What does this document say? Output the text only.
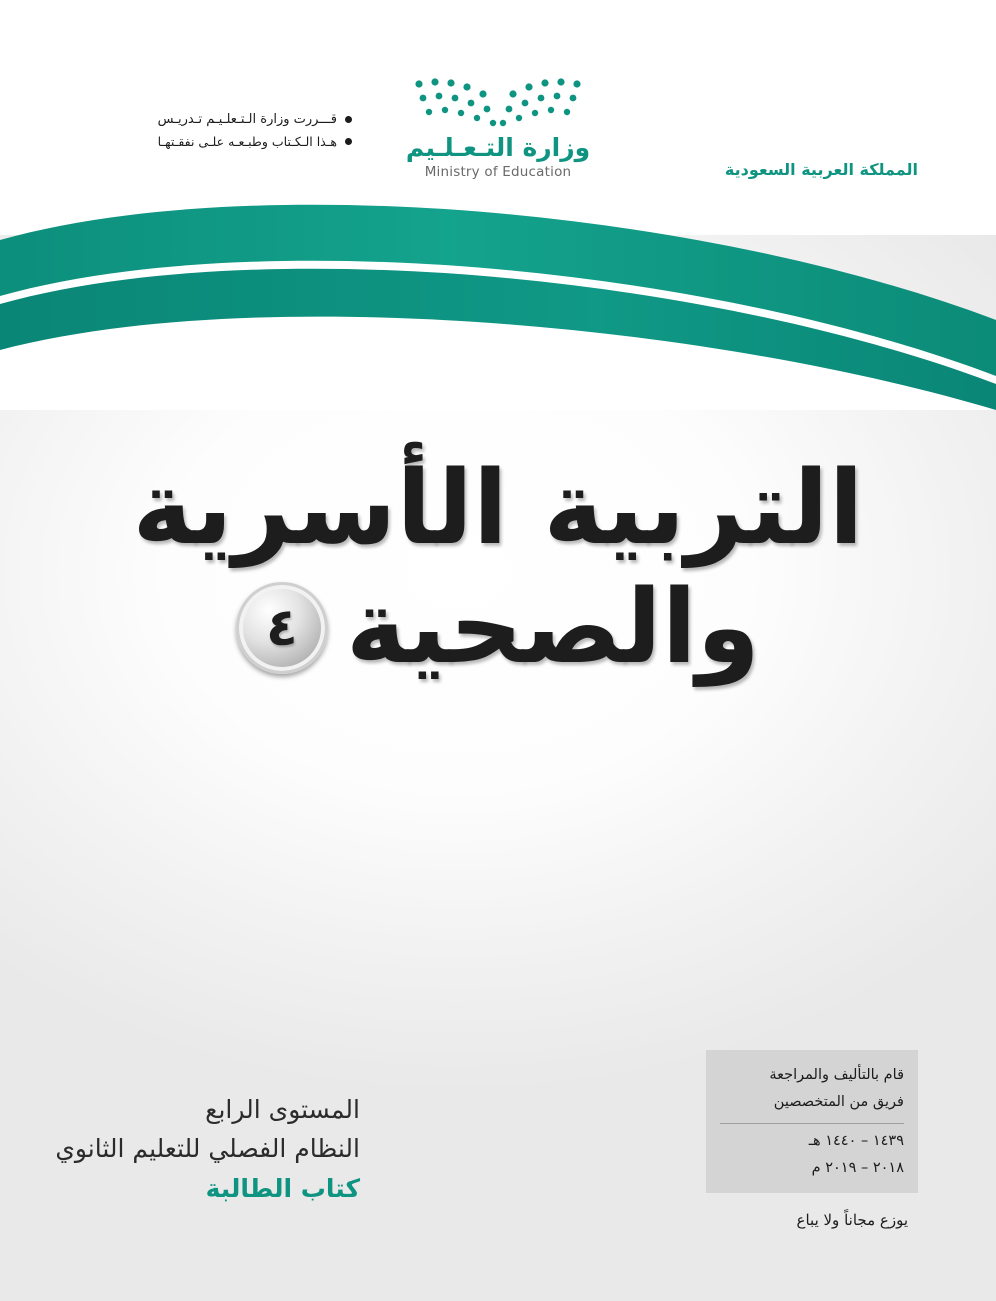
المملكة العربية السعودية
وزارة التـعـلـيم
Ministry of Education
قـــررت وزارة الـتـعلـيـم تـدريـس
هـذا الـكـتاب وطبـعـه علـى نفقـتهـا
التربية الأسرية
والصحية
٤
المستوى الرابع
النظام الفصلي للتعليم الثانوي
كتاب الطالبة
قام بالتأليف والمراجعة
فريق من المتخصصين
١٤٣٩ – ١٤٤٠ هـ
٢٠١٨ – ٢٠١٩ م
يوزع مجاناً ولا يباع
